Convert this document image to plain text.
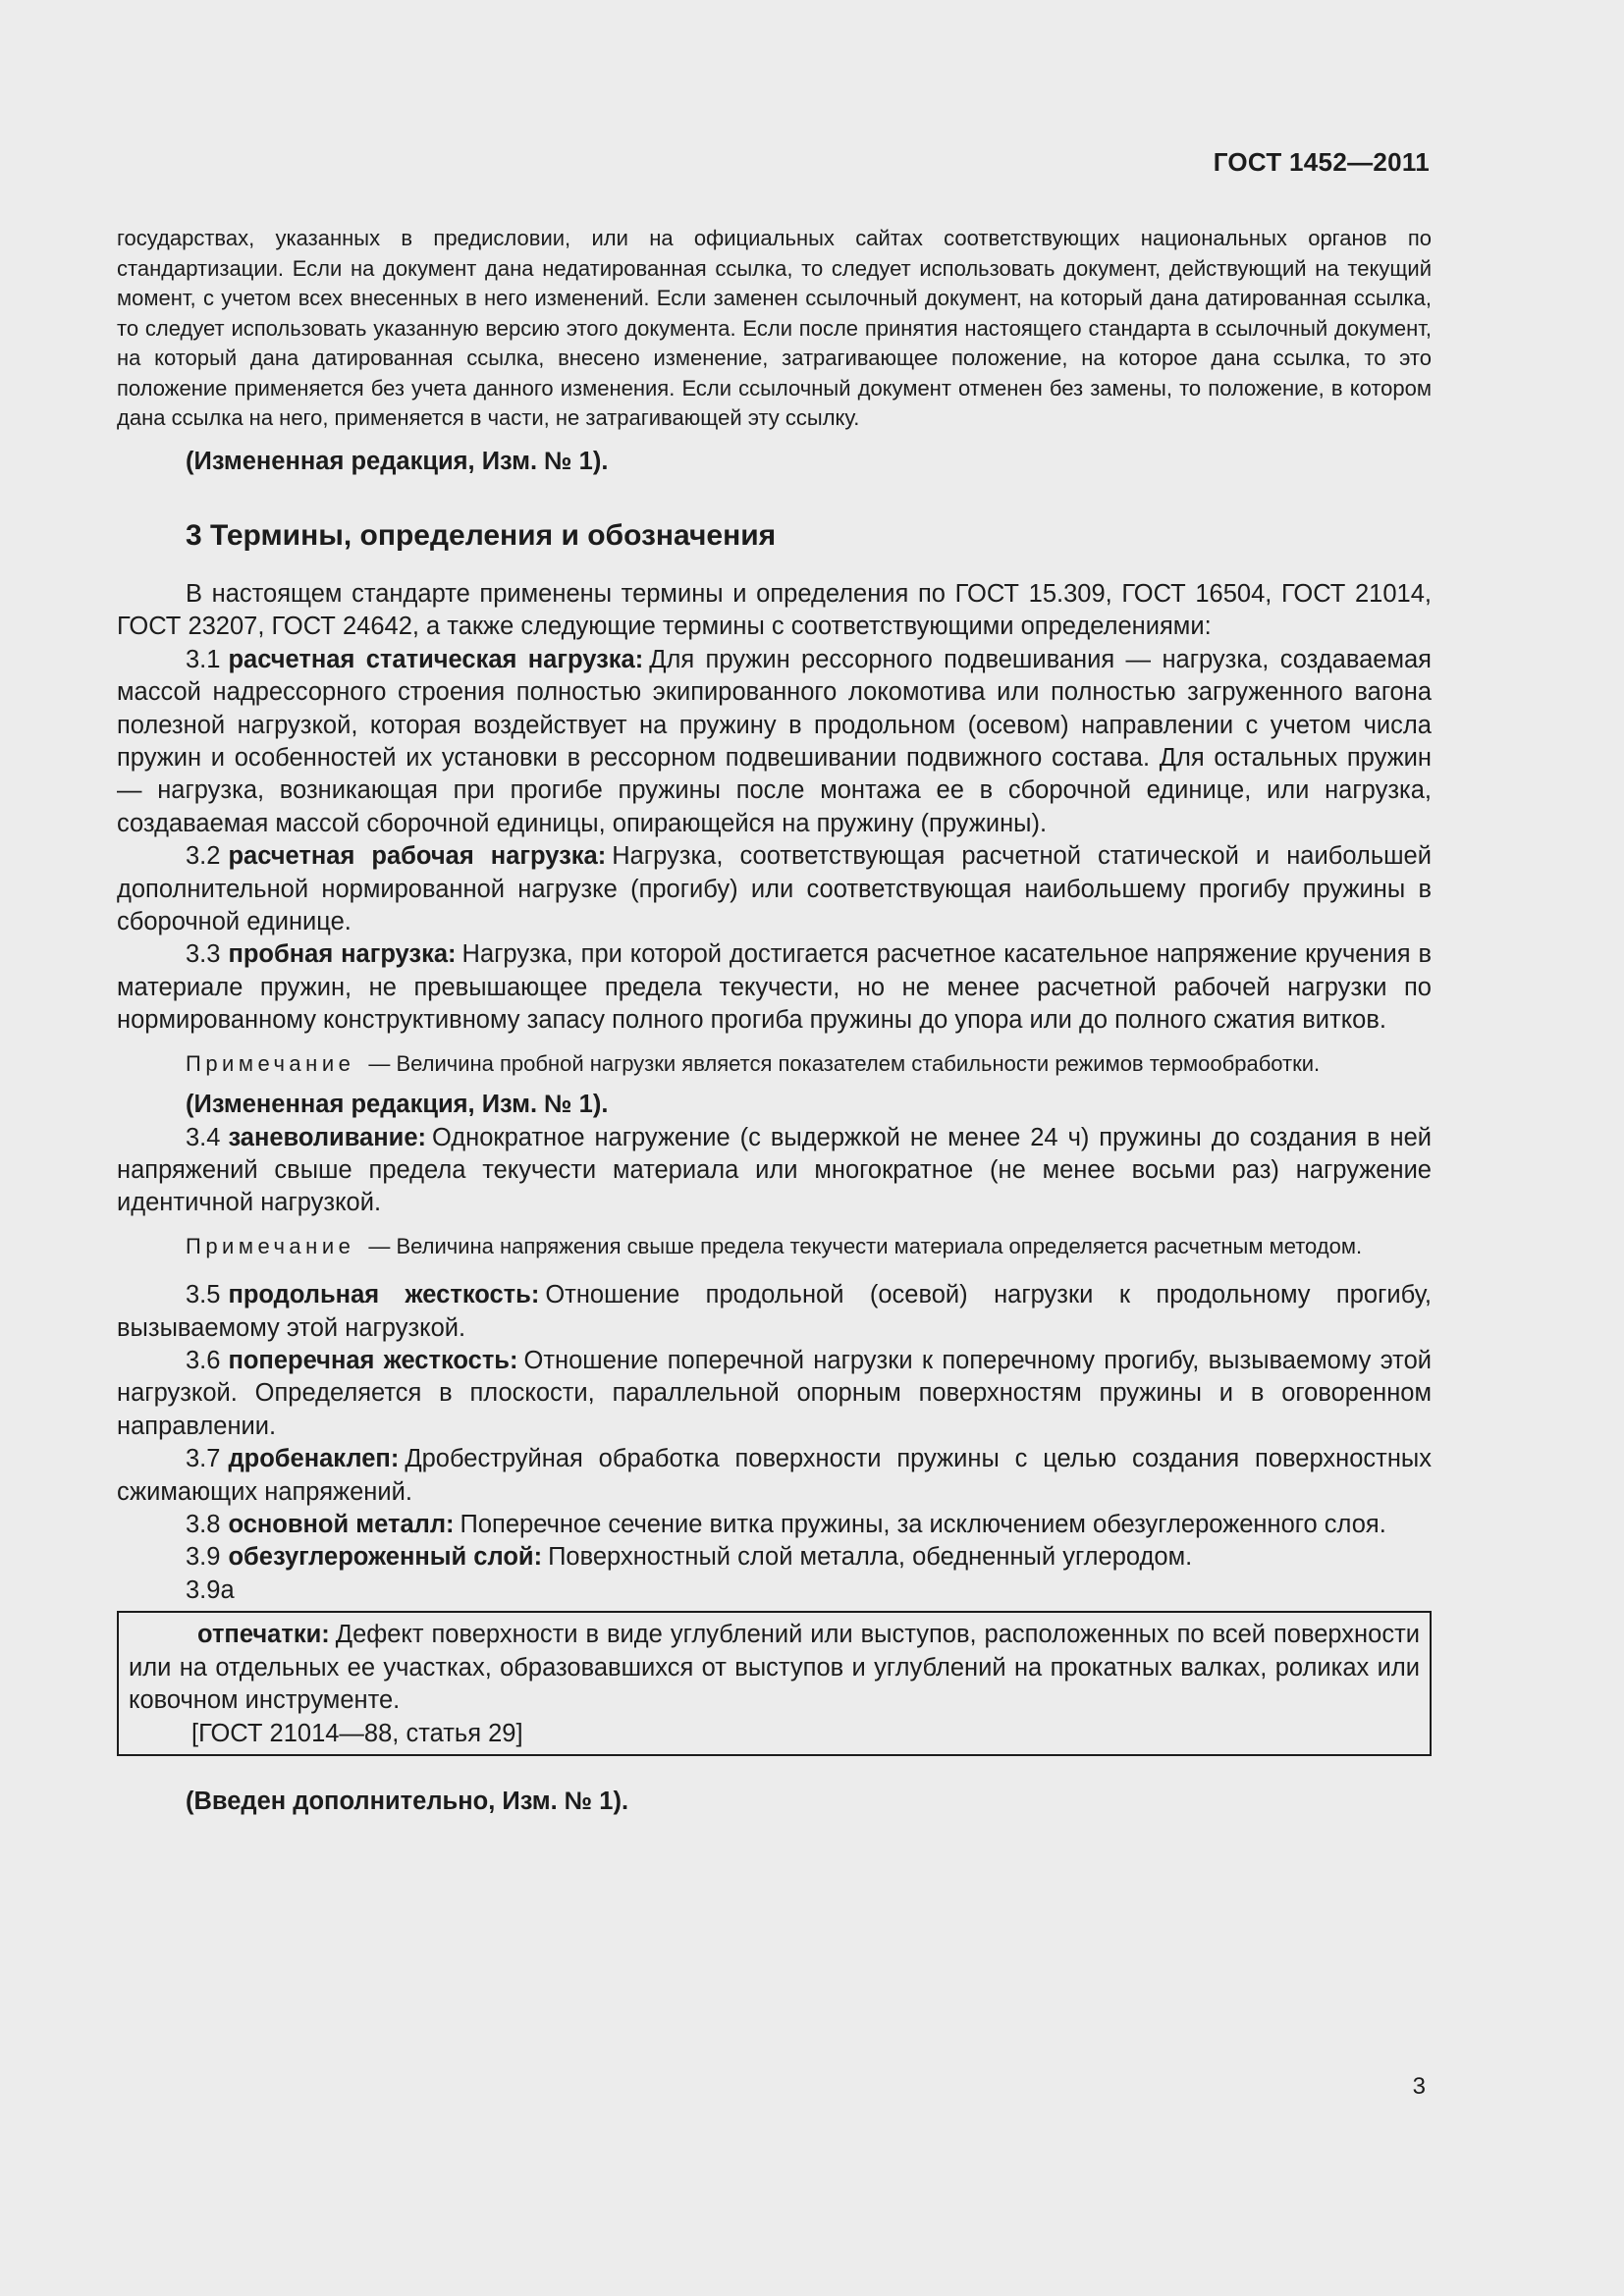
ГОСТ 1452—2011

государствах, указанных в предисловии, или на официальных сайтах соответствующих национальных органов по стандартизации. Если на документ дана недатированная ссылка, то следует использовать документ, действующий на текущий момент, с учетом всех внесенных в него изменений. Если заменен ссылочный документ, на который дана датированная ссылка, то следует использовать указанную версию этого документа. Если после принятия настоящего стандарта в ссылочный документ, на который дана датированная ссылка, внесено изменение, затрагивающее положение, на которое дана ссылка, то это положение применяется без учета данного изменения. Если ссылочный документ отменен без замены, то положение, в котором дана ссылка на него, применяется в части, не затрагивающей эту ссылку.

(Измененная редакция, Изм. № 1).

3 Термины, определения и обозначения

В настоящем стандарте применены термины и определения по ГОСТ 15.309, ГОСТ 16504, ГОСТ 21014, ГОСТ 23207, ГОСТ 24642, а также следующие термины с соответствующими определениями:

3.1 расчетная статическая нагрузка: Для пружин рессорного подвешивания — нагрузка, создаваемая массой надрессорного строения полностью экипированного локомотива или полностью загруженного вагона полезной нагрузкой, которая воздействует на пружину в продольном (осевом) направлении с учетом числа пружин и особенностей их установки в рессорном подвешивании подвижного состава. Для остальных пружин — нагрузка, возникающая при прогибе пружины после монтажа ее в сборочной единице, или нагрузка, создаваемая массой сборочной единицы, опирающейся на пружину (пружины).

3.2 расчетная рабочая нагрузка: Нагрузка, соответствующая расчетной статической и наибольшей дополнительной нормированной нагрузке (прогибу) или соответствующая наибольшему прогибу пружины в сборочной единице.

3.3 пробная нагрузка: Нагрузка, при которой достигается расчетное касательное напряжение кручения в материале пружин, не превышающее предела текучести, но не менее расчетной рабочей нагрузки по нормированному конструктивному запасу полного прогиба пружины до упора или до полного сжатия витков.

Примечание — Величина пробной нагрузки является показателем стабильности режимов термообработки.

(Измененная редакция, Изм. № 1).

3.4 заневоливание: Однократное нагружение (с выдержкой не менее 24 ч) пружины до создания в ней напряжений свыше предела текучести материала или многократное (не менее восьми раз) нагружение идентичной нагрузкой.

Примечание — Величина напряжения свыше предела текучести материала определяется расчетным методом.

3.5 продольная жесткость: Отношение продольной (осевой) нагрузки к продольному прогибу, вызываемому этой нагрузкой.

3.6 поперечная жесткость: Отношение поперечной нагрузки к поперечному прогибу, вызываемому этой нагрузкой. Определяется в плоскости, параллельной опорным поверхностям пружины и в оговоренном направлении.

3.7 дробенаклеп: Дробеструйная обработка поверхности пружины с целью создания поверхностных сжимающих напряжений.

3.8 основной металл: Поперечное сечение витка пружины, за исключением обезуглероженного слоя.

3.9 обезуглероженный слой: Поверхностный слой металла, обедненный углеродом.

3.9а

отпечатки: Дефект поверхности в виде углублений или выступов, расположенных по всей поверхности или на отдельных ее участках, образовавшихся от выступов и углублений на прокатных валках, роликах или ковочном инструменте.

[ГОСТ 21014—88, статья 29]

(Введен дополнительно, Изм. № 1).

3
